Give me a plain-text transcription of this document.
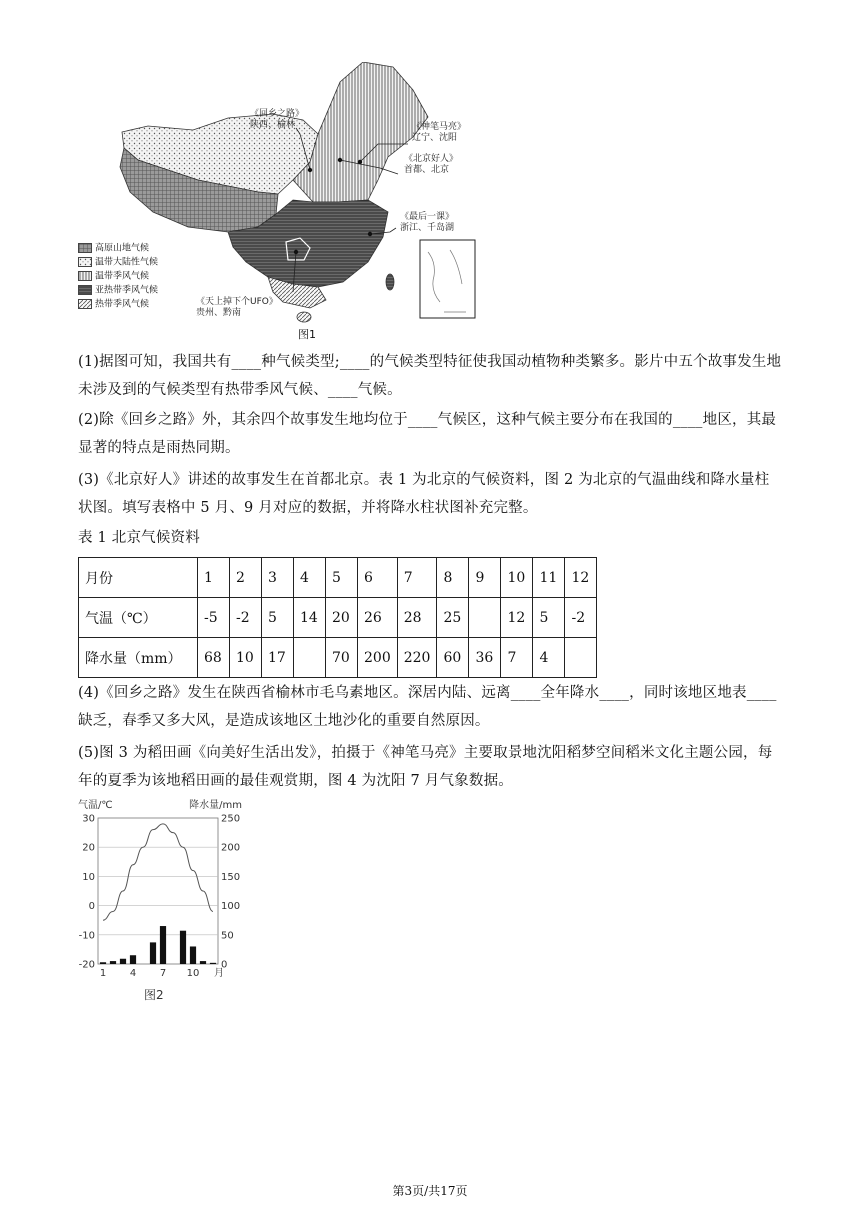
《回乡之路》
陕西、榆林	《神笔马亮》
辽宁、沈阳
《北京好人》
首都、北京
《最后一课》
浙江、千岛湖
《天上掉下个UFO》
贵州、黔南
高原山地气候
温带大陆性气候
温带季风气候
亚热带季风气候
热带季风气候
图1
(1)据图可知，我国共有____种气候类型;____的气候类型特征使我国动植物种类繁多。影片中五个故事发生地未涉及到的气候类型有热带季风气候、____气候。
(2)除《回乡之路》外，其余四个故事发生地均位于____气候区，这种气候主要分布在我国的____地区，其最显著的特点是雨热同期。
(3)《北京好人》讲述的故事发生在首都北京。表 1 为北京的气候资料，图 2 为北京的气温曲线和降水量柱状图。填写表格中 5 月、9 月对应的数据，并将降水柱状图补充完整。
表 1 北京气候资料
月份	1	2	3	4	5	6	7	8	9	10	11	12
气温（℃）	-5	-2	5	14	20	26	28	25		12	5	-2
降水量（mm）	68	10	17		70	200	220	60	36	7	4	
(4)《回乡之路》发生在陕西省榆林市毛乌素地区。深居内陆、远离____全年降水____，同时该地区地表____缺乏，春季又多大风，是造成该地区土地沙化的重要自然原因。
(5)图 3 为稻田画《向美好生活出发》，拍摄于《神笔马亮》主要取景地沈阳稻梦空间稻米文化主题公园，每年的夏季为该地稻田画的最佳观赏期，图 4 为沈阳 7 月气象数据。
气温/℃	降水量/mm
30
20
10
0
-10
-20
250
200
150
100
50
0
1 4 7 10 月
图2
第3页/共17页
